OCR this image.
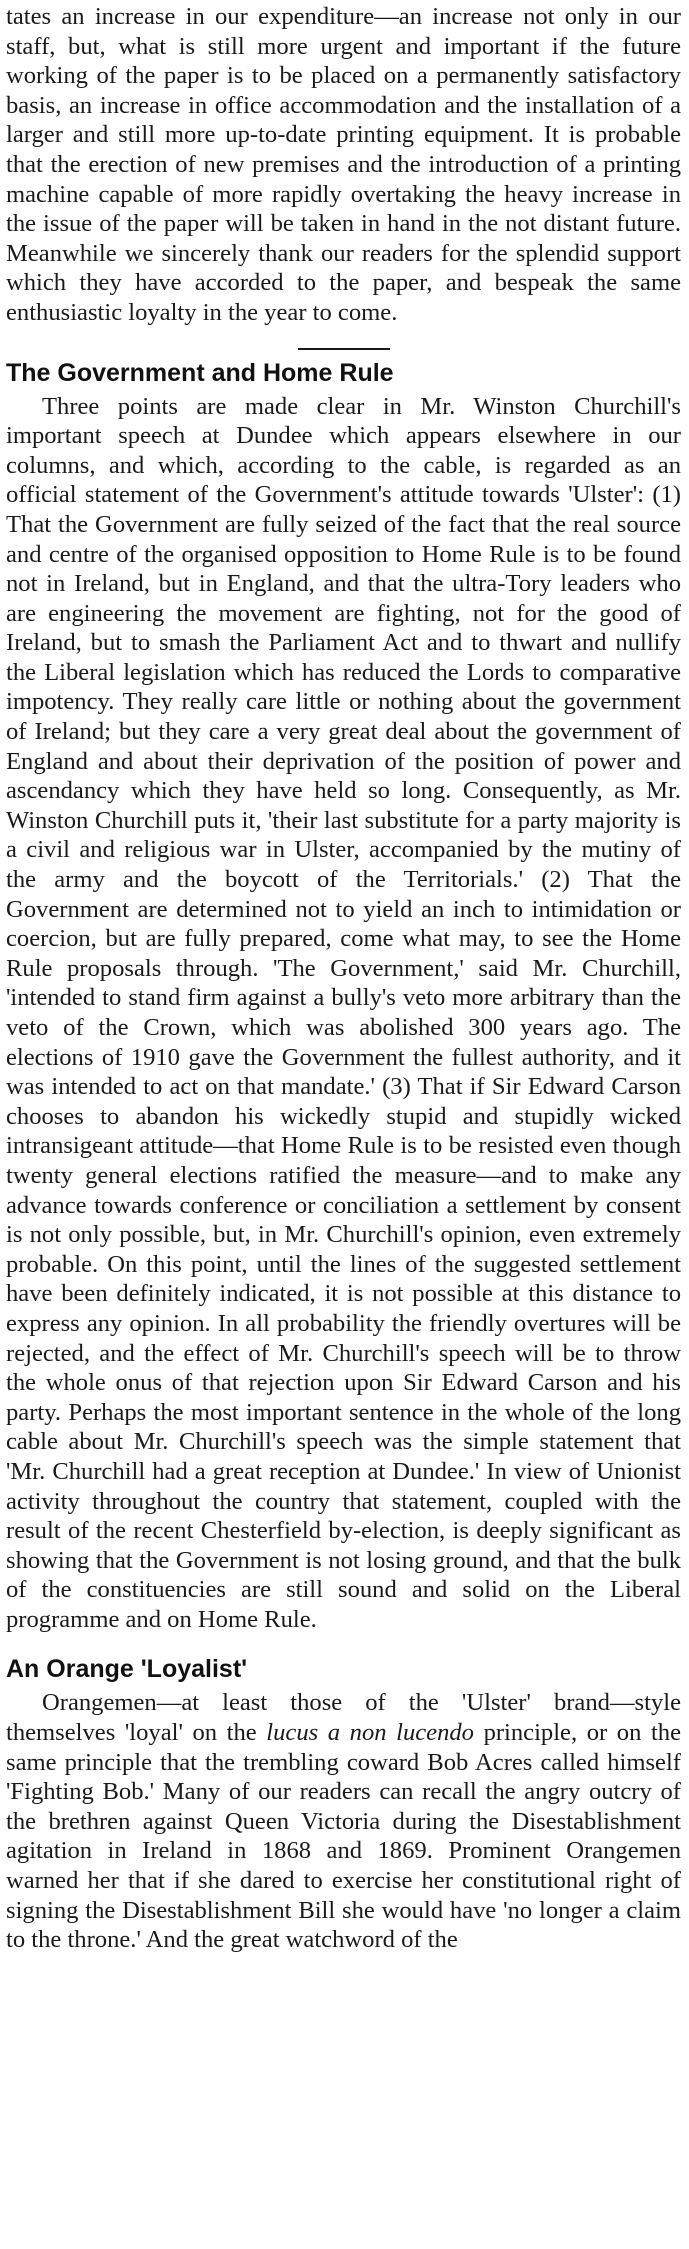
tates an increase in our expenditure—an increase not only in our staff, but, what is still more urgent and important if the future working of the paper is to be placed on a permanently satisfactory basis, an increase in office accommodation and the installation of a larger and still more up-to-date printing equipment. It is probable that the erection of new premises and the introduction of a printing machine capable of more rapidly overtaking the heavy increase in the issue of the paper will be taken in hand in the not distant future. Meanwhile we sincerely thank our readers for the splendid support which they have accorded to the paper, and bespeak the same enthusiastic loyalty in the year to come.

The Government and Home Rule

Three points are made clear in Mr. Winston Churchill's important speech at Dundee which appears elsewhere in our columns, and which, according to the cable, is regarded as an official statement of the Government's attitude towards 'Ulster': (1) That the Government are fully seized of the fact that the real source and centre of the organised opposition to Home Rule is to be found not in Ireland, but in England, and that the ultra-Tory leaders who are engineering the movement are fighting, not for the good of Ireland, but to smash the Parliament Act and to thwart and nullify the Liberal legislation which has reduced the Lords to comparative impotency. They really care little or nothing about the government of Ireland; but they care a very great deal about the government of England and about their deprivation of the position of power and ascendancy which they have held so long. Consequently, as Mr. Winston Churchill puts it, 'their last substitute for a party majority is a civil and religious war in Ulster, accompanied by the mutiny of the army and the boycott of the Territorials.' (2) That the Government are determined not to yield an inch to intimidation or coercion, but are fully prepared, come what may, to see the Home Rule proposals through. 'The Government,' said Mr. Churchill, 'intended to stand firm against a bully's veto more arbitrary than the veto of the Crown, which was abolished 300 years ago. The elections of 1910 gave the Government the fullest authority, and it was intended to act on that mandate.' (3) That if Sir Edward Carson chooses to abandon his wickedly stupid and stupidly wicked intransigeant attitude—that Home Rule is to be resisted even though twenty general elections ratified the measure—and to make any advance towards conference or conciliation a settlement by consent is not only possible, but, in Mr. Churchill's opinion, even extremely probable. On this point, until the lines of the suggested settlement have been definitely indicated, it is not possible at this distance to express any opinion. In all probability the friendly overtures will be rejected, and the effect of Mr. Churchill's speech will be to throw the whole onus of that rejection upon Sir Edward Carson and his party. Perhaps the most important sentence in the whole of the long cable about Mr. Churchill's speech was the simple statement that 'Mr. Churchill had a great reception at Dundee.' In view of Unionist activity throughout the country that statement, coupled with the result of the recent Chesterfield by-election, is deeply significant as showing that the Government is not losing ground, and that the bulk of the constituencies are still sound and solid on the Liberal programme and on Home Rule.

An Orange 'Loyalist'

Orangemen—at least those of the 'Ulster' brand—style themselves 'loyal' on the lucus a non lucendo principle, or on the same principle that the trembling coward Bob Acres called himself 'Fighting Bob.' Many of our readers can recall the angry outcry of the brethren against Queen Victoria during the Disestablishment agitation in Ireland in 1868 and 1869. Prominent Orangemen warned her that if she dared to exercise her constitutional right of signing the Disestablishment Bill she would have 'no longer a claim to the throne.' And the great watchword of the
